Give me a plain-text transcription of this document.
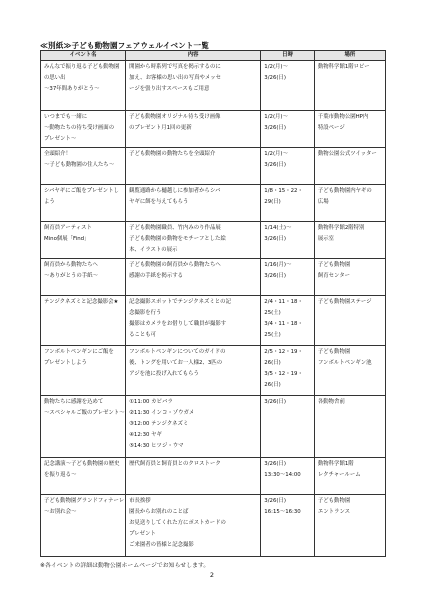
≪別紙≫子ども動物園フェアウェルイベント一覧
イベント名	内容	日時	場所

みんなで振り返る子ども動物園
の思い出
～37年間ありがとう～	開園から時系列で写真を掲示するのに
加え、お客様の思い出の写真やメッセ
ージを張り出すスペースもご用意	1/2(月)～
3/26(日)	動物科学館1階ロビー

いつまでも一緒に
～動物たちの待ち受け画面の
プレゼント～	子ども動物園オリジナル待ち受け画像
のプレゼント月1回の更新	1/2(月)～
3/26(日)	千葉市動物公園HP内
特設ページ

全頭紹介！
～子ども動物園の住人たち～	子ども動物園の動物たちを全頭紹介	1/2(月)～
3/26(日)	動物公園公式ツイッター

シバヤギにご飯をプレゼントし
よう	観覧通路から樋越しに参加者からシバ
ヤギに餌を与えてもらう	1/8・15・22・
29(日)	子ども動物園内ヤギの
広場

飼育員アーティスト
Mino個展「Find」	子ども動物園職員、竹内みのり作品展
子ども動物園の動物をモチーフとした絵
本、イラストの展示	1/14(土)～
3/26(日)	動物科学館2階特別
展示室

飼育員から動物たちへ
～ありがとうの手紙～	子ども動物園の飼育員から動物たちへ
感謝の手紙を掲示する	1/16(月)～
3/26(日)	子ども動物園
飼育センター

テンジクネズミと記念撮影会★	記念撮影スポットでテンジクネズミとの記
念撮影を行う
撮影はカメラをお借りして職員が撮影す
ることも可	2/4・11・18・
25(土)
3/4・11・18・
25(土)	子ども動物園ステージ

フンボルトペンギンにご飯を
プレゼントしよう	フンボルトペンギンについてのガイドの
後、トングを用いてお一人様2、3匹の
アジを池に投げ入れてもらう	2/5・12・19・
26(日)
3/5・12・19・
26(日)	子ども動物園
フンボルトペンギン池

動物たちに感謝を込めて
～スペシャルご飯のプレゼント～	①11:00 カピバラ
②11:30 インコ・ゾウガメ
③12:00 テンジクネズミ
④12:30 ヤギ
⑤14:30 ヒツジ・ウマ	3/26(日)	各動物舎前

記念講演～子ども動物園の歴史
を振り返る～	歴代飼育員と飼育員とのクロストーク	3/26(日)
13:30～14:00	動物科学館1階
レクチャールーム

子ども動物園グランドフィナーレ
～お別れ会～	市長挨拶
園長からお別れのことば
お見送りしてくれた方にポストカードの
プレゼント
ご来園者の皆様と記念撮影	3/26(日)
16:15～16:30	子ども動物園
エントランス
※各イベントの詳細は動物公園ホームページでお知らせします。
2
